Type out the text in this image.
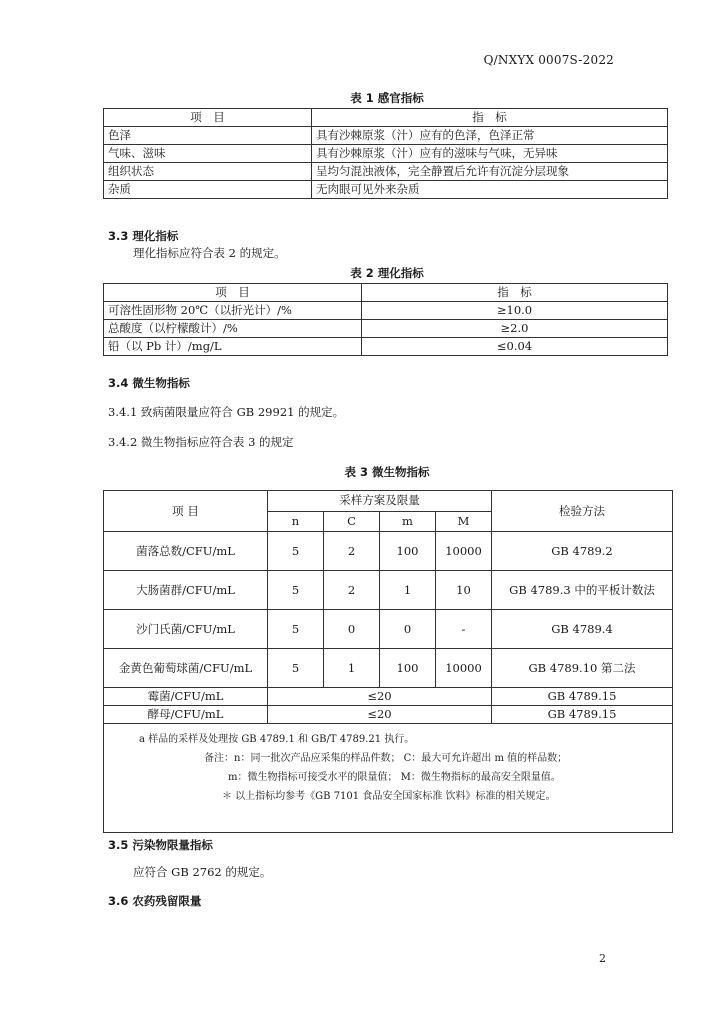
Q/NXYX 0007S-2022
表 1 感官指标
项　目	指　标
色泽	具有沙棘原浆（汁）应有的色泽，色泽正常
气味、滋味	具有沙棘原浆（汁）应有的滋味与气味，无异味
组织状态	呈均匀混浊液体，完全静置后允许有沉淀分层现象
杂质	无肉眼可见外来杂质
3.3 理化指标
理化指标应符合表 2 的规定。
表 2 理化指标
项　目	指　标
可溶性固形物 20℃（以折光计）/%	≥10.0
总酸度（以柠檬酸计）/%	≥2.0
铅（以 Pb 计）/mg/L	≤0.04
3.4 微生物指标
3.4.1 致病菌限量应符合 GB 29921 的规定。
3.4.2 微生物指标应符合表 3 的规定
表 3 微生物指标
项 目	采样方案及限量				检验方法
	n	C	m	M	
菌落总数/CFU/mL	5	2	100	10000	GB 4789.2
大肠菌群/CFU/mL	5	2	1	10	GB 4789.3 中的平板计数法
沙门氏菌/CFU/mL	5	0	0	-	GB 4789.4
金黄色葡萄球菌/CFU/mL	5	1	100	10000	GB 4789.10 第二法
霉菌/CFU/mL	≤20				GB 4789.15
酵母/CFU/mL	≤20				GB 4789.15

a 样品的采样及处理按 GB 4789.1 和 GB/T 4789.21 执行。
备注：n：同一批次产品应采集的样品件数； C：最大可允许超出 m 值的样品数；
m：微生物指标可接受水平的限量值； M：微生物指标的最高安全限量值。
＊ 以上指标均参考《GB 7101 食品安全国家标准 饮料》标准的相关规定。					
3.5 污染物限量指标
应符合 GB 2762 的规定。
3.6 农药残留限量
2
